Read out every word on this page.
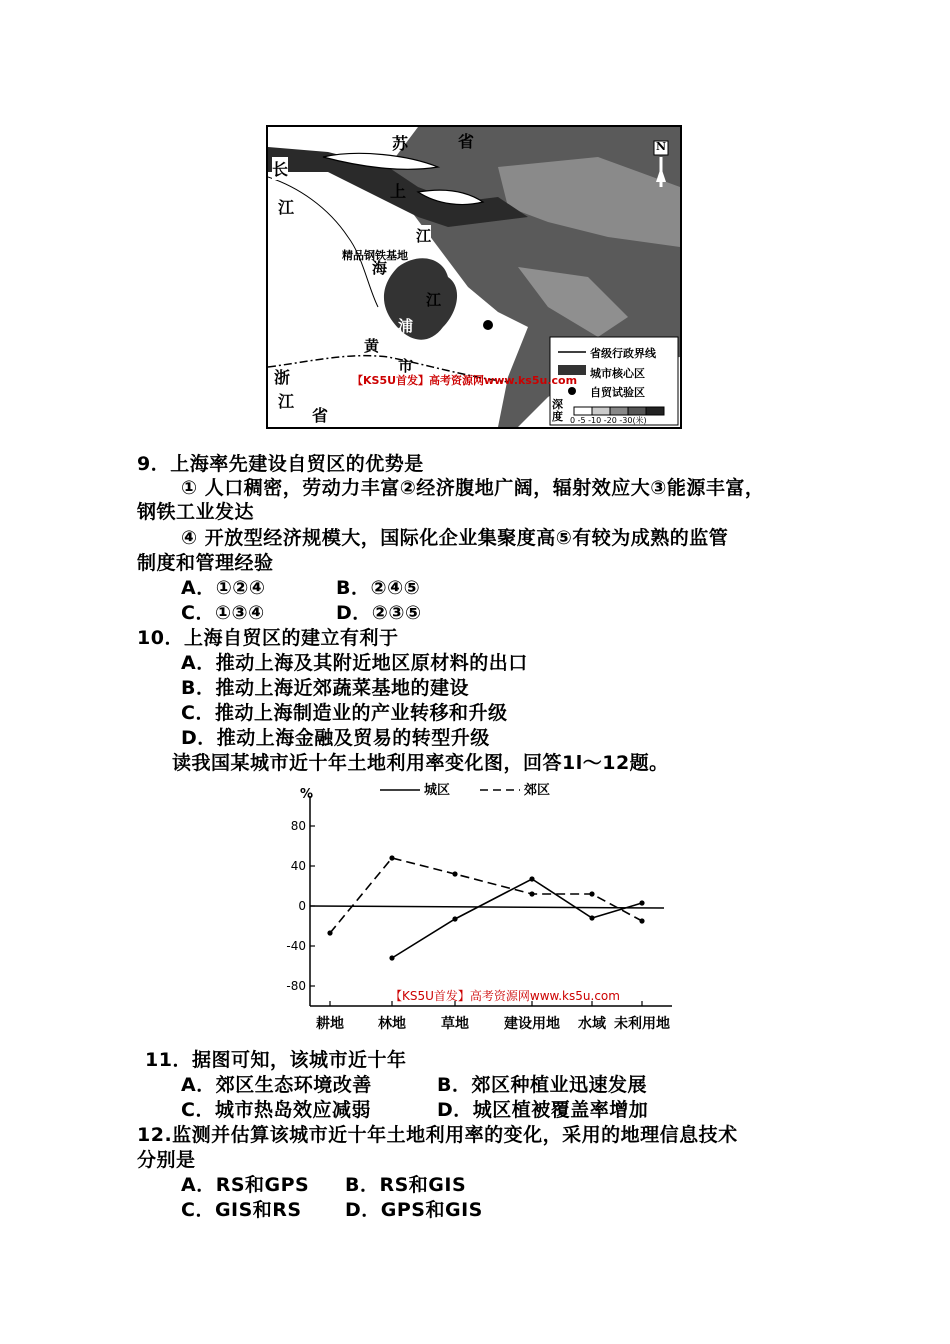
苏	省
长
江
上
江
精品钢铁基地
海
江
浦
黄
市
浙
江
省
N
省级行政界线
城市核心区
自贸试验区
深度 0 -5 -10 -20 -30(米)
【KS5U首发】高考资源网www.ks5u.com
9．上海率先建设自贸区的优势是
① 人口稠密，劳动力丰富②经济腹地广阔，辐射效应大③能源丰富，
钢铁工业发达
④ 开放型经济规模大，国际化企业集聚度高⑤有较为成熟的监管
制度和管理经验
A．①②④	B．②④⑤
C．①③④	D．②③⑤
10．上海自贸区的建立有利于
A．推动上海及其附近地区原材料的出口
B．推动上海近郊蔬菜基地的建设
C．推动上海制造业的产业转移和升级
D．推动上海金融及贸易的转型升级
读我国某城市近十年土地利用率变化图，回答1l～12题。
%
80
40
0
-40
-80
耕地 林地	草地	建设用地 水域 未利用地
城区	郊区
【KS5U首发】高考资源网www.ks5u.com
11．据图可知，该城市近十年
A．郊区生态环境改善	B．郊区种植业迅速发展
C．城市热岛效应减弱	D．城区植被覆盖率增加
12.监测并估算该城市近十年土地利用率的变化，采用的地理信息技术
分别是
A．RS和GPS B．RS和GIS
C．GIS和RS D．GPS和GIS
